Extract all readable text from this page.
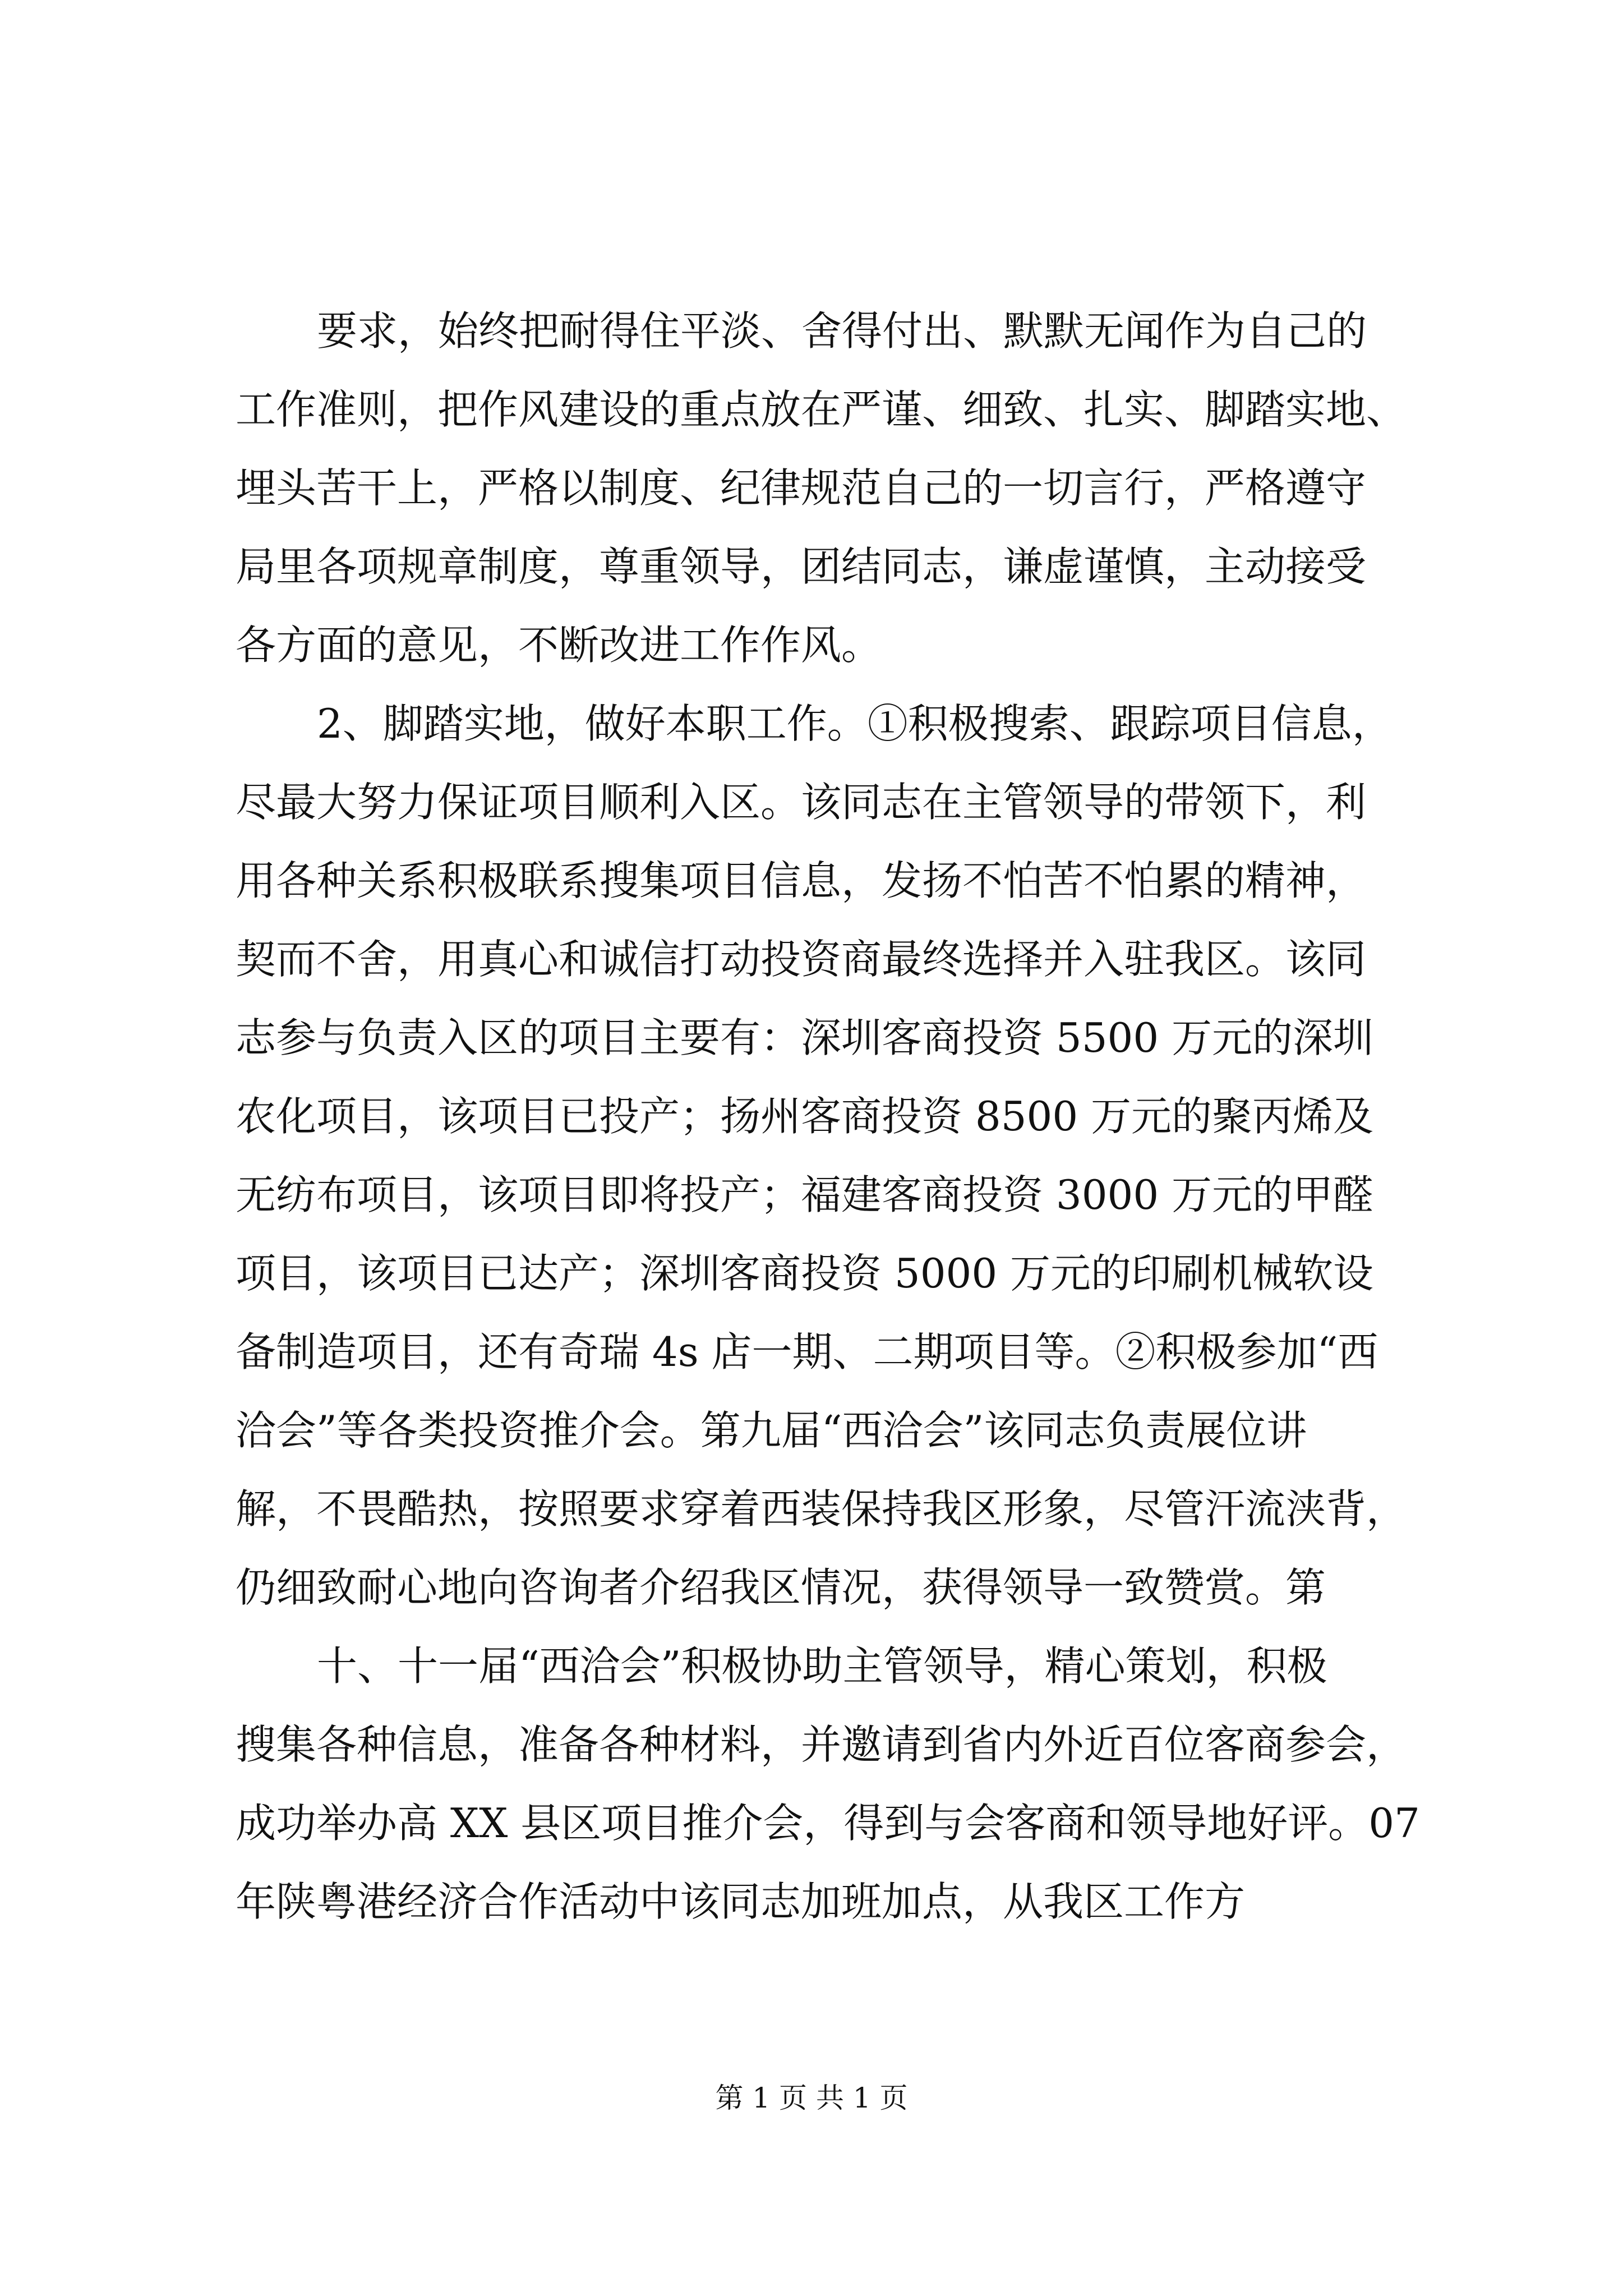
要求，始终把耐得住平淡、舍得付出、默默无闻作为自己的
工作准则，把作风建设的重点放在严谨、细致、扎实、脚踏实地、
埋头苦干上，严格以制度、纪律规范自己的一切言行，严格遵守
局里各项规章制度，尊重领导，团结同志，谦虚谨慎，主动接受
各方面的意见，不断改进工作作风。
2、脚踏实地，做好本职工作。①积极搜索、跟踪项目信息，
尽最大努力保证项目顺利入区。该同志在主管领导的带领下，利
用各种关系积极联系搜集项目信息，发扬不怕苦不怕累的精神，
契而不舍，用真心和诚信打动投资商最终选择并入驻我区。该同
志参与负责入区的项目主要有：深圳客商投资 5500 万元的深圳
农化项目，该项目已投产；扬州客商投资 8500 万元的聚丙烯及
无纺布项目，该项目即将投产；福建客商投资 3000 万元的甲醛
项目，该项目已达产；深圳客商投资 5000 万元的印刷机械软设
备制造项目，还有奇瑞 4s 店一期、二期项目等。②积极参加“西
洽会”等各类投资推介会。第九届“西洽会”该同志负责展位讲
解，不畏酷热，按照要求穿着西装保持我区形象，尽管汗流浃背，
仍细致耐心地向咨询者介绍我区情况，获得领导一致赞赏。第
十、十一届“西洽会”积极协助主管领导，精心策划，积极
搜集各种信息，准备各种材料，并邀请到省内外近百位客商参会，
成功举办高 XX 县区项目推介会，得到与会客商和领导地好评。07
年陕粤港经济合作活动中该同志加班加点，从我区工作方
第 1 页 共 1 页
